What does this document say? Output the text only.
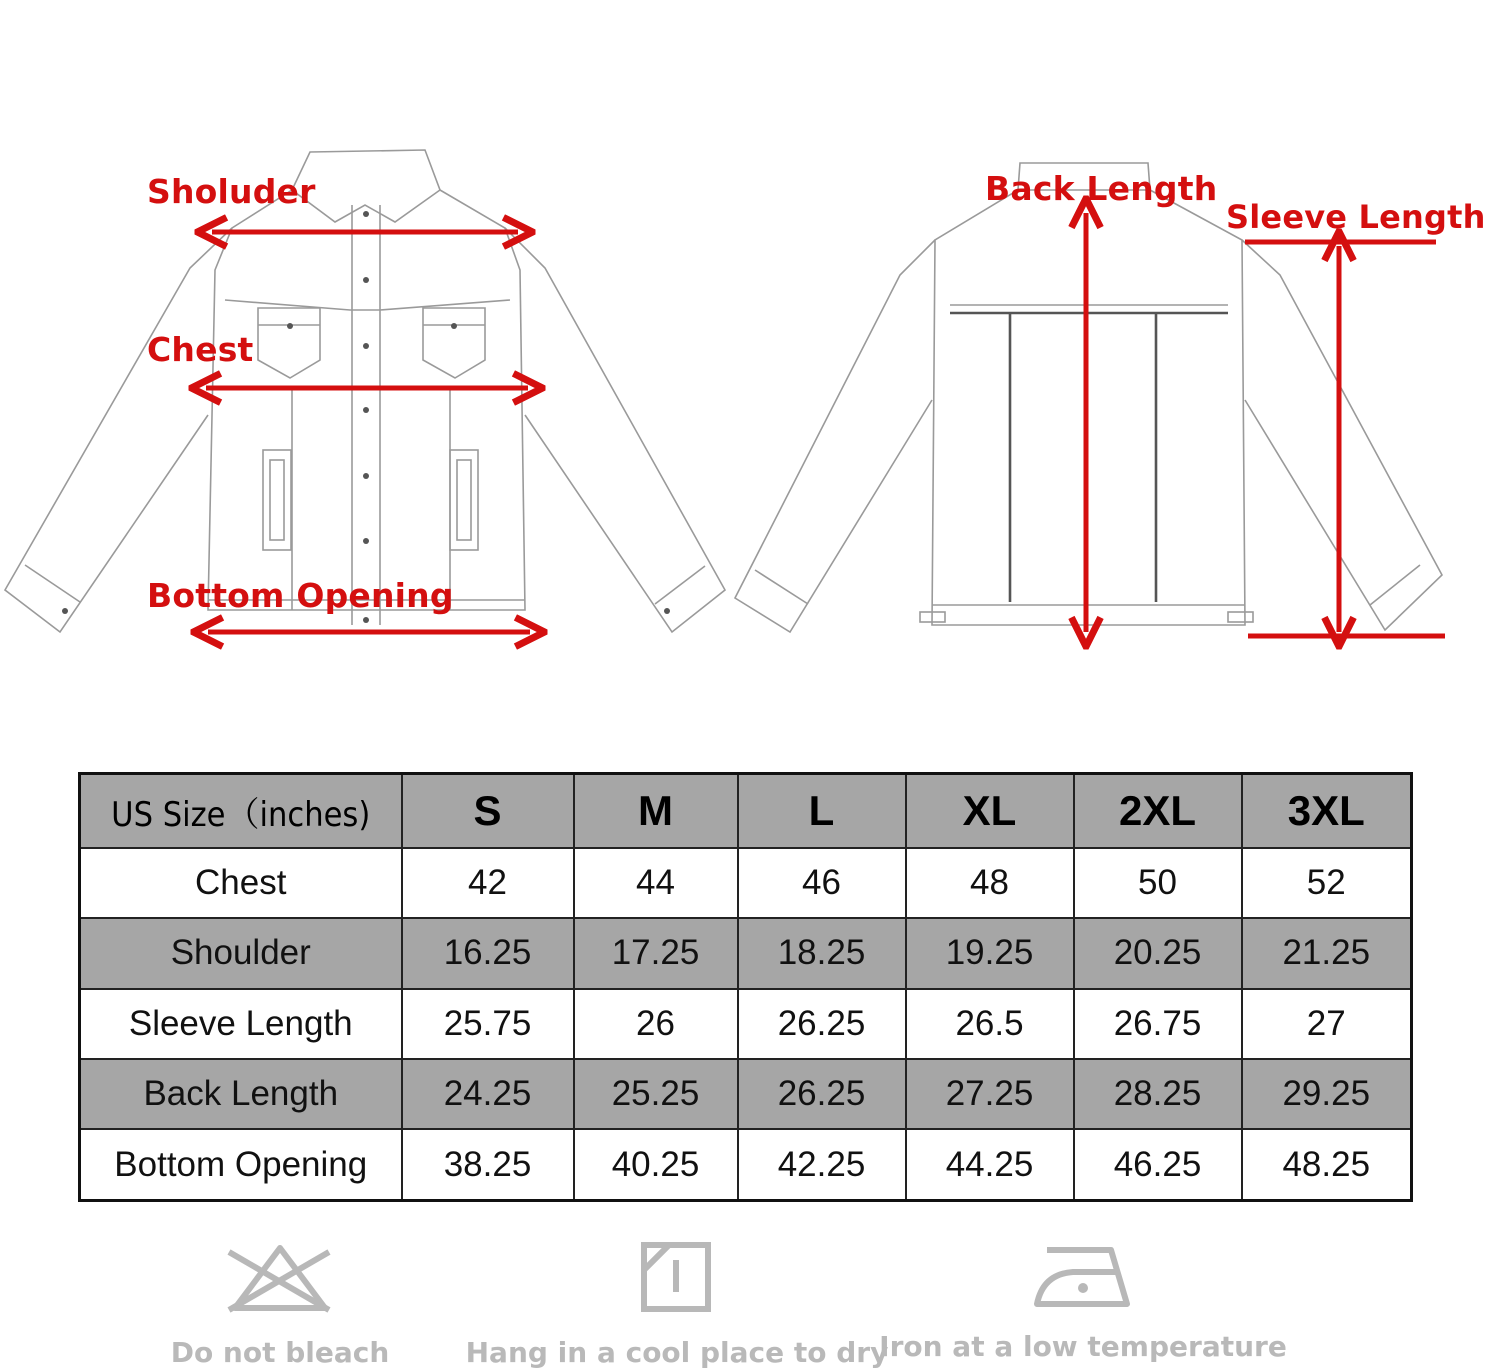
Sholuder
Chest
Bottom Opening
Back Length
Sleeve Length
US Size（inches)	S	M	L	XL	2XL	3XL
Chest	42	44	46	48	50	52
Shoulder	16.25	17.25	18.25	19.25	20.25	21.25
Sleeve Length	25.75	26	26.25	26.5	26.75	27
Back Length	24.25	25.25	26.25	27.25	28.25	29.25
Bottom Opening	38.25	40.25	42.25	44.25	46.25	48.25
Do not bleach	Hang in a cool place to dry
Iron at a low temperature
